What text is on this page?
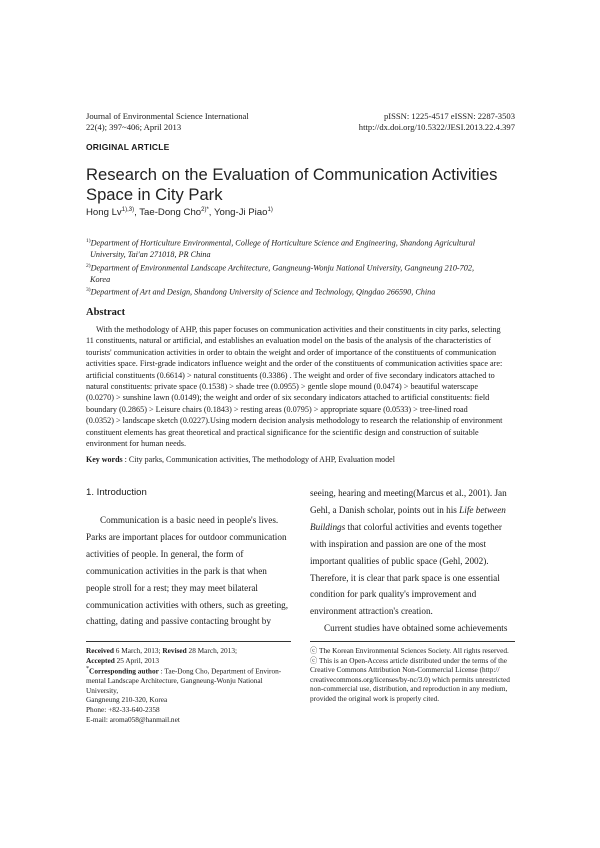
Journal of Environmental Science International
22(4); 397~406; April 2013
pISSN: 1225-4517 eISSN: 2287-3503
http://dx.doi.org/10.5322/JESI.2013.22.4.397
ORIGINAL ARTICLE
Research on the Evaluation of Communication Activities Space in City Park
Hong $Lv^{1),3)}$, Tae-Dong Cho$^{2)*}$, Yong-Ji Piao$^{1)}$
$^{1)}$Department of Horticulture Environmental, College of Horticulture Science and Engineering, Shandong Agricultural
University, Tai'an 271018, PR China
$^{2)}$Department of Environmental Landscape Architecture, Gangneung-Wonju National University, Gangneung 210-702,
Korea
$^{3)}$Department of Art and Design, Shandong University of Science and Technology, Qingdao 266590, China
Abstract
With the methodology of AHP, this paper focuses on communication activities and their constituents in city parks, selecting
11 constituents, natural or artificial, and establishes an evaluation model on the basis of the analysis of the characteristics of
tourists' communication activities in order to obtain the weight and order of importance of the constituents of communication
activities space. First-grade indicators influence weight and the order of the constituents of communication activities space are:
artificial constituents (0.6614) > natural constituents (0.3386) . The weight and order of five secondary indicators attached to
natural constituents: private space (0.1538) > shade tree (0.0955) > gentle slope mound (0.0474) > beautiful waterscape
(0.0270) > sunshine lawn (0.0149); the weight and order of six secondary indicators attached to artificial constituents: field
boundary (0.2865) > Leisure chairs (0.1843) > resting areas (0.0795) > appropriate square (0.0533) > tree-lined road
(0.0352) > landscape sketch (0.0227).Using modern decision analysis methodology to research the relationship of environment
constituent elements has great theoretical and practical significance for the scientific design and construction of suitable
environment for human needs.
Key words : City parks, Communication activities, The methodology of AHP, Evaluation model
1. Introduction

Communication is a basic need in people's lives.

Parks are important places for outdoor communication

activities of people. In general, the form of

communication activities in the park is that when

people stroll for a rest; they may meet bilateral

communication activities with others, such as greeting,

chatting, dating and passive contacting brought by

seeing, hearing and meeting(Marcus et al., 2001). Jan

Gehl, a Danish scholar, points out in his Life between

Buildings that colorful activities and events together

with inspiration and passion are one of the most

important qualities of public space (Gehl, 2002).

Therefore, it is clear that park space is one essential

condition for park quality's improvement and

environment attraction's creation.

Current studies have obtained some achievements

Received 6 March, 2013; Revised 28 March, 2013;
Accepted 25 April, 2013
*Corresponding author : Tae-Dong Cho, Department of Environ-
mental Landscape Architecture, Gangneung-Wonju National University,
Gangneung 210-320, Korea
Phone: +82-33-640-2358
E-mail: aroma058@hanmail.net
ⓒ The Korean Environmental Sciences Society. All rights reserved.
ⓒ This is an Open-Access article distributed under the terms of the
Creative Commons Attribution Non-Commercial License (http://
creativecommons.org/licenses/by-nc/3.0) which permits unrestricted
non-commercial use, distribution, and reproduction in any medium,
provided the original work is properly cited.
